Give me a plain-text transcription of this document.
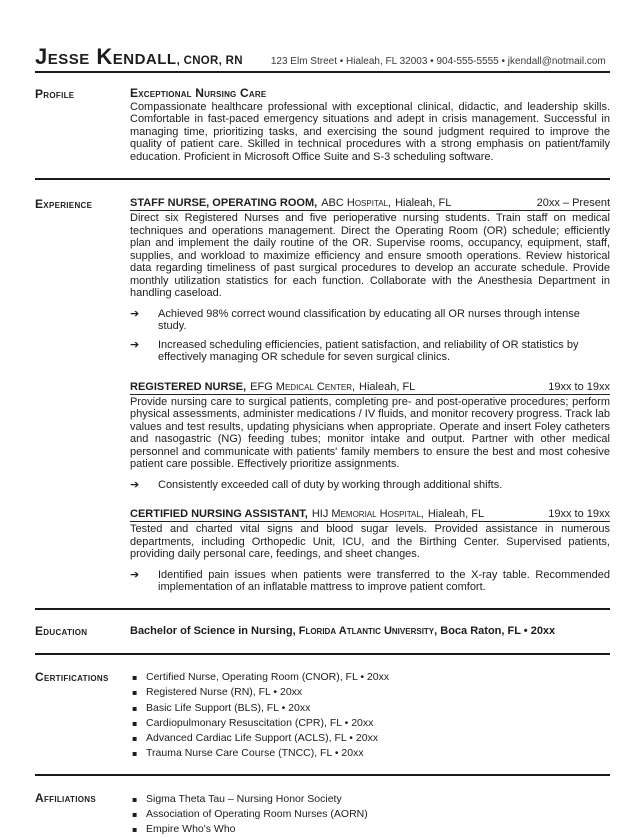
Jesse Kendall , CNOR, RN	123 Elm Street • Hialeah, FL 32003 • 904-555-5555 • jkendall@notmail.com
Profile	Exceptional Nursing Care
Compassionate healthcare professional with exceptional clinical, didactic, and leadership skills. Comfortable in fast-paced emergency situations and adept in crisis management. Successful in managing time, prioritizing tasks, and exercising the sound judgment required to improve the quality of patient care. Skilled in technical procedures with a strong emphasis on patient/family education. Proficient in Microsoft Office Suite and S-3 scheduling software.
Experience	STAFF NURSE, OPERATING ROOM, ABC Hospital, Hialeah, FL	20xx – Present
Direct six Registered Nurses and five perioperative nursing students. Train staff on medical techniques and operations management. Direct the Operating Room (OR) schedule; efficiently plan and implement the daily routine of the OR. Supervise rooms, occupancy, equipment, staff, supplies, and workload to maximize efficiency and ensure smooth operations. Review historical data regarding timeliness of past surgical procedures to develop an accurate schedule. Provide monthly utilization statistics for each function. Collaborate with the Anesthesia Department in handling caseload.
➔	Achieved 98% correct wound classification by educating all OR nurses through intense study.
➔	Increased scheduling efficiencies, patient satisfaction, and reliability of OR statistics by effectively managing OR schedule for seven surgical clinics.
REGISTERED NURSE, EFG Medical Center, Hialeah, FL	19xx to 19xx
Provide nursing care to surgical patients, completing pre- and post-operative procedures; perform physical assessments, administer medications / IV fluids, and monitor recovery progress. Track lab values and test results, updating physicians when appropriate. Operate and insert Foley catheters and nasogastric (NG) feeding tubes; monitor intake and output. Partner with other medical personnel and communicate with patients' family members to ensure the best and most cohesive patient care possible. Effectively prioritize assignments.
➔	Consistently exceeded call of duty by working through additional shifts.
CERTIFIED NURSING ASSISTANT, HIJ Memorial Hospital, Hialeah, FL	19xx to 19xx
Tested and charted vital signs and blood sugar levels. Provided assistance in numerous departments, including Orthopedic Unit, ICU, and the Birthing Center. Supervised patients, providing daily personal care, feedings, and sheet changes.
➔	Identified pain issues when patients were transferred to the X-ray table. Recommended implementation of an inflatable mattress to improve patient comfort.
Education	Bachelor of Science in Nursing, Florida Atlantic University, Boca Raton, FL • 20xx
Certifications	▪ Certified Nurse, Operating Room (CNOR), FL • 20xx
▪ Registered Nurse (RN), FL • 20xx
▪ Basic Life Support (BLS), FL • 20xx
▪ Cardiopulmonary Resuscitation (CPR), FL • 20xx
▪ Advanced Cardiac Life Support (ACLS), FL • 20xx
▪ Trauma Nurse Care Course (TNCC), FL • 20xx
Affiliations	▪ Sigma Theta Tau – Nursing Honor Society
▪ Association of Operating Room Nurses (AORN)
▪ Empire Who's Who
